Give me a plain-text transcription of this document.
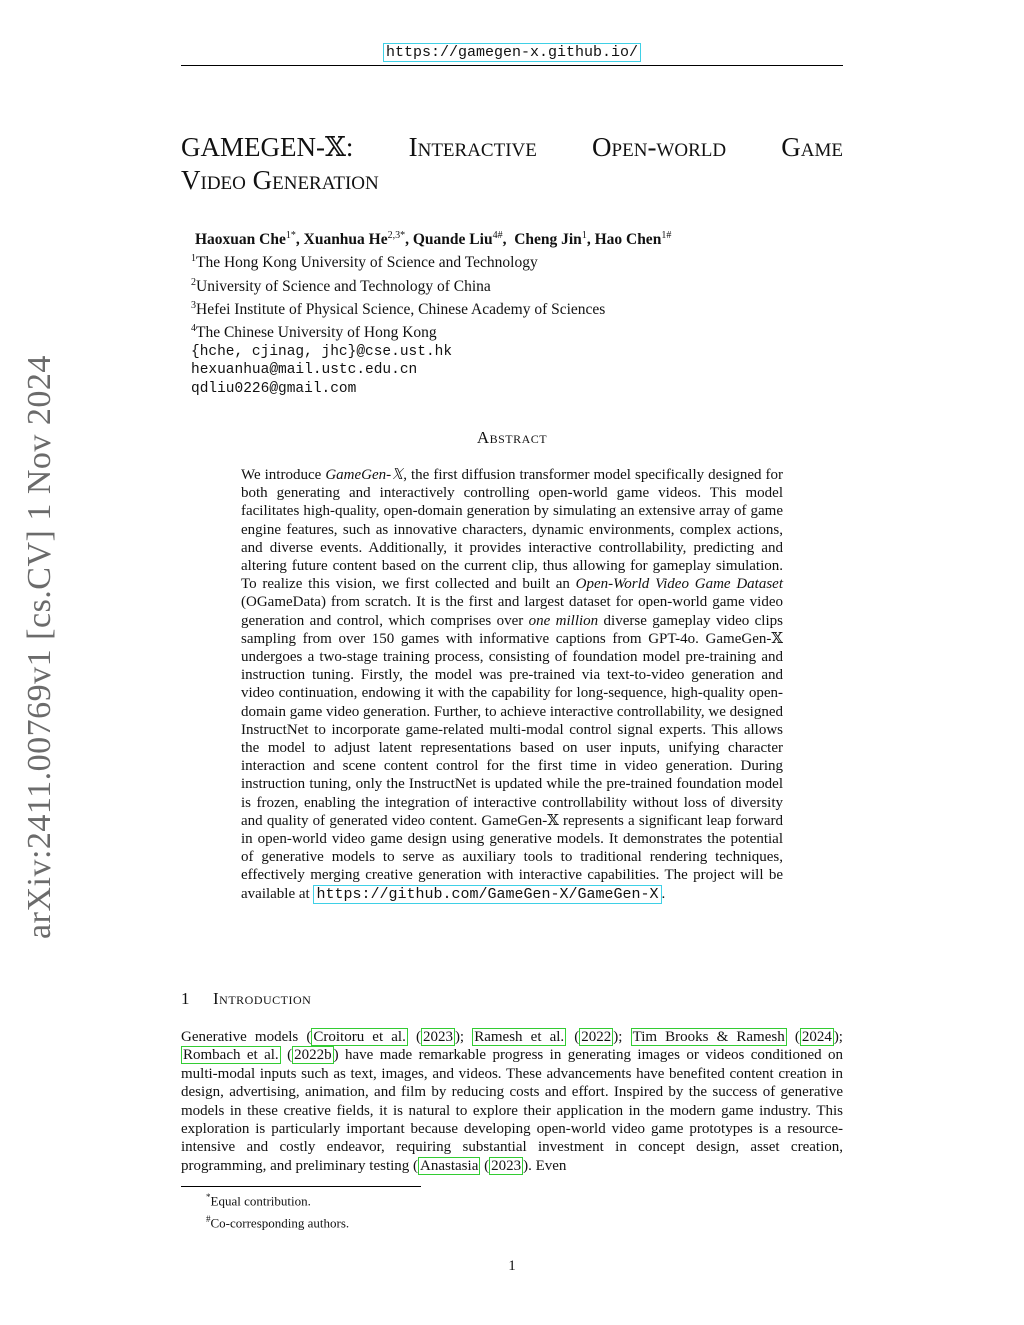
https://gamegen-x.github.io/
arXiv:2411.00769v1 [cs.CV] 1 Nov 2024
GAMEGEN-𝕏: Interactive Open-world Game
Video Generation
Haoxuan Che$^{1*}$, Xuanhua $He^{2,3*}$, Quande Liu$^{4\#}$,  Cheng Jin$^1$, Hao Chen$^{1\#}$
$^1$The Hong Kong University of Science and Technology
$^2$University of Science and Technology of China
$^3$Hefei Institute of Physical Science, Chinese Academy of Sciences
$^4$The Chinese University of Hong Kong
{hche, cjinag, jhc}@cse.ust.hk
hexuanhua@mail.ustc.edu.cn
qdliu0226@gmail.com
Abstract
We introduce GameGen-𝕏, the first diffusion transformer model specifically designed for both generating and interactively controlling open-world game videos. This model facilitates high-quality, open-domain generation by simulating an extensive array of game engine features, such as innovative characters, dynamic environments, complex actions, and diverse events. Additionally, it provides interactive controllability, predicting and altering future content based on the current clip, thus allowing for gameplay simulation. To realize this vision, we first collected and built an Open-World Video Game Dataset (OGameData) from scratch. It is the first and largest dataset for open-world game video generation and control, which comprises over one million diverse gameplay video clips sampling from over 150 games with informative captions from GPT-4o. GameGen-𝕏 undergoes a two-stage training process, consisting of foundation model pre-training and instruction tuning. Firstly, the model was pre-trained via text-to-video generation and video continuation, endowing it with the capability for long-sequence, high-quality open-domain game video generation. Further, to achieve interactive controllability, we designed InstructNet to incorporate game-related multi-modal control signal experts. This allows the model to adjust latent representations based on user inputs, unifying character interaction and scene content control for the first time in video generation. During instruction tuning, only the InstructNet is updated while the pre-trained foundation model is frozen, enabling the integration of interactive controllability without loss of diversity and quality of generated video content. GameGen-𝕏 represents a significant leap forward in open-world video game design using generative models. It demonstrates the potential of generative models to serve as auxiliary tools to traditional rendering techniques, effectively merging creative generation with interactive capabilities. The project will be available at https://github.com/GameGen-X/GameGen-X .
1 Introduction
Generative models ( Croitoru et al. ( 2023 ); Ramesh et al. ( 2022 ); Tim Brooks & Ramesh ( 2024 ); Rombach et al. ( 2022b ) have made remarkable progress in generating images or videos conditioned on multi-modal inputs such as text, images, and videos. These advancements have benefited content creation in design, advertising, animation, and film by reducing costs and effort. Inspired by the success of generative models in these creative fields, it is natural to explore their application in the modern game industry. This exploration is particularly important because developing open-world video game prototypes is a resource-intensive and costly endeavor, requiring substantial investment in concept design, asset creation, programming, and preliminary testing ( Anastasia ( 2023 ). Even
*Equal contribution.
#Co-corresponding authors.
1
